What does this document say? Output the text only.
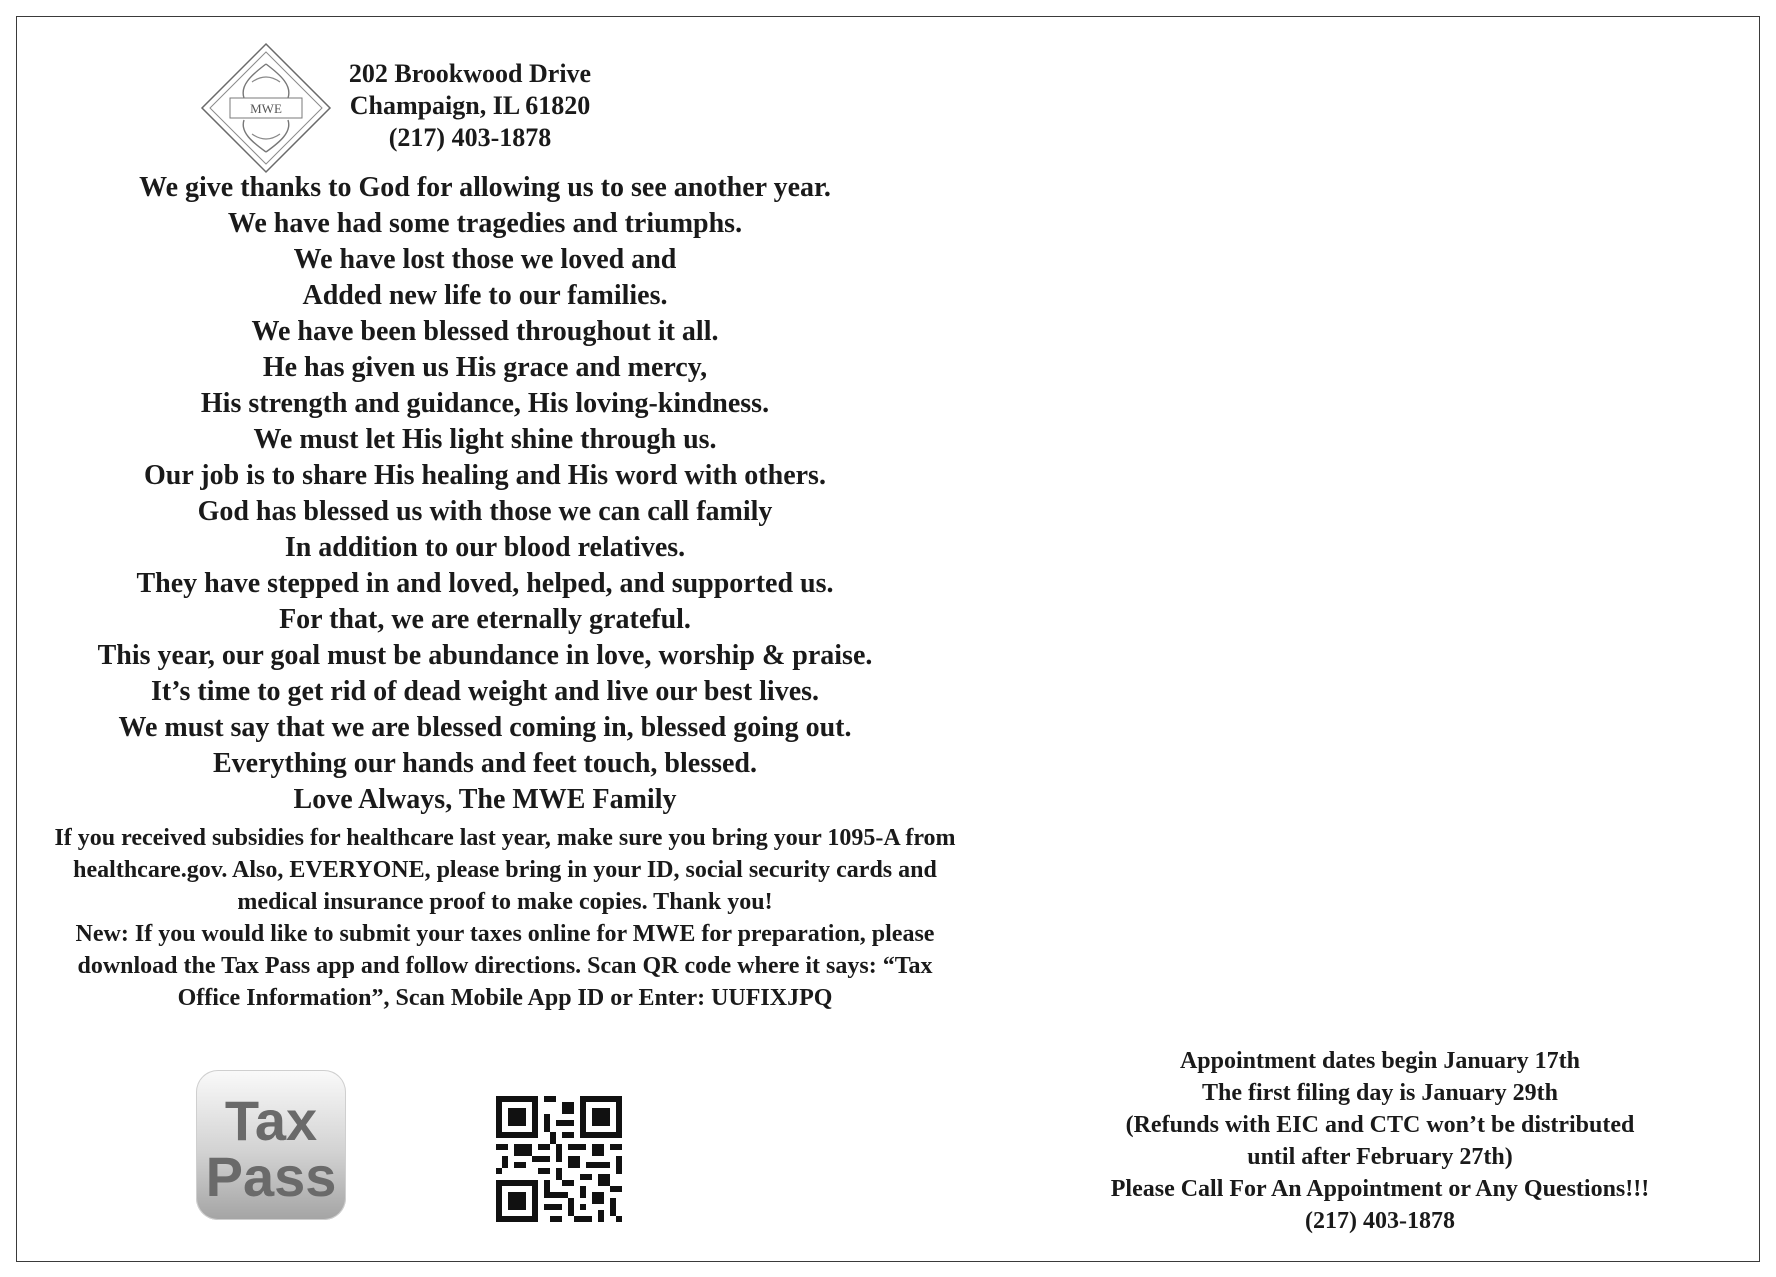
MWE
202 Brookwood Drive
Champaign, IL 61820
(217) 403-1878
We give thanks to God for allowing us to see another year.
We have had some tragedies and triumphs.
We have lost those we loved and
Added new life to our families.
We have been blessed throughout it all.
He has given us His grace and mercy,
His strength and guidance, His loving-kindness.
We must let His light shine through us.
Our job is to share His healing and His word with others.
God has blessed us with those we can call family
In addition to our blood relatives.
They have stepped in and loved, helped, and supported us.
For that, we are eternally grateful.
This year, our goal must be abundance in love, worship & praise.
It’s time to get rid of dead weight and live our best lives.
We must say that we are blessed coming in, blessed going out.
Everything our hands and feet touch, blessed.
Love Always, The MWE Family
If you received subsidies for healthcare last year, make sure you bring your 1095-A from healthcare.gov. Also, EVERYONE, please bring in your ID, social security cards and medical insurance proof to make copies. Thank you!
New: If you would like to submit your taxes online for MWE for preparation, please download the Tax Pass app and follow directions. Scan QR code where it says: “Tax Office Information”, Scan Mobile App ID or Enter: UUFIXJPQ
Tax
Pass
Appointment dates begin January 17th
The first filing day is January 29th
(Refunds with EIC and CTC won’t be distributed
until after February 27th)
Please Call For An Appointment or Any Questions!!!
(217) 403-1878
